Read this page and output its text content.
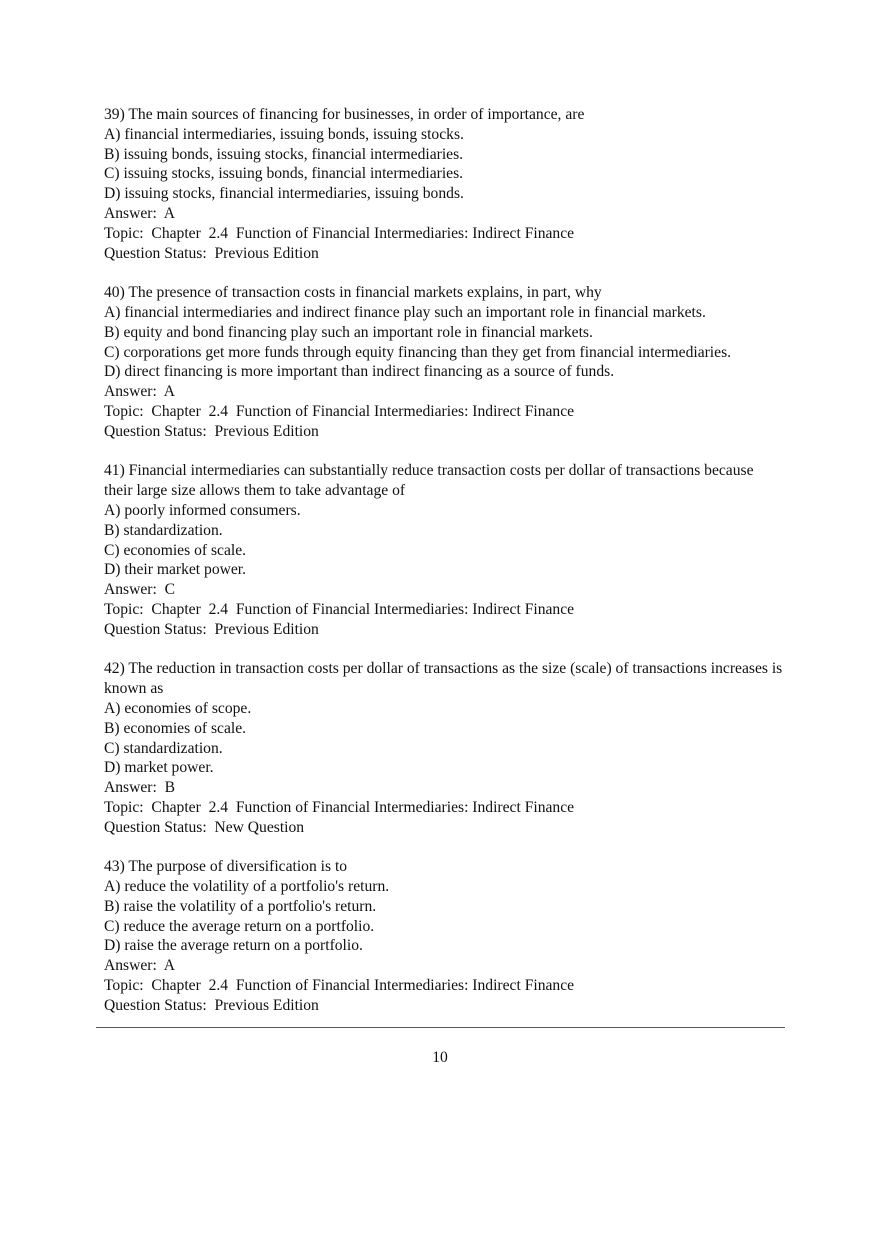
39) The main sources of financing for businesses, in order of importance, are
A) financial intermediaries, issuing bonds, issuing stocks.
B) issuing bonds, issuing stocks, financial intermediaries.
C) issuing stocks, issuing bonds, financial intermediaries.
D) issuing stocks, financial intermediaries, issuing bonds.
Answer:  A
Topic:  Chapter  2.4  Function of Financial Intermediaries: Indirect Finance
Question Status:  Previous Edition
40) The presence of transaction costs in financial markets explains, in part, why
A) financial intermediaries and indirect finance play such an important role in financial markets.
B) equity and bond financing play such an important role in financial markets.
C) corporations get more funds through equity financing than they get from financial intermediaries.
D) direct financing is more important than indirect financing as a source of funds.
Answer:  A
Topic:  Chapter  2.4  Function of Financial Intermediaries: Indirect Finance
Question Status:  Previous Edition
41) Financial intermediaries can substantially reduce transaction costs per dollar of transactions because their large size allows them to take advantage of
A) poorly informed consumers.
B) standardization.
C) economies of scale.
D) their market power.
Answer:  C
Topic:  Chapter  2.4  Function of Financial Intermediaries: Indirect Finance
Question Status:  Previous Edition
42) The reduction in transaction costs per dollar of transactions as the size (scale) of transactions increases is known as
A) economies of scope.
B) economies of scale.
C) standardization.
D) market power.
Answer:  B
Topic:  Chapter  2.4  Function of Financial Intermediaries: Indirect Finance
Question Status:  New Question
43) The purpose of diversification is to
A) reduce the volatility of a portfolio's return.
B) raise the volatility of a portfolio's return.
C) reduce the average return on a portfolio.
D) raise the average return on a portfolio.
Answer:  A
Topic:  Chapter  2.4  Function of Financial Intermediaries: Indirect Finance
Question Status:  Previous Edition
10
